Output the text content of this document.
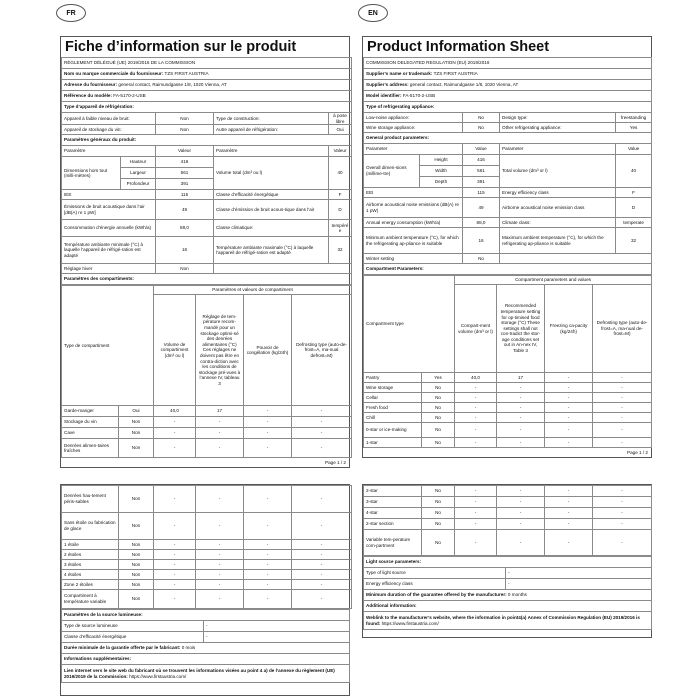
FR	EN
Fiche d’information sur le produit
RÈGLEMENT DÉLÉGUÉ (UE) 2019/2016 DE LA COMMISSION				
Nom ou marque commerciale du fournisseur: TZS FIRST AUSTRIA				
Adresse du fournisseur: general contact, Raimundgasse 1/8, 1020 Vienna, AT				
Référence du modèle: FA-5170-2-USB				
Type d’appareil de réfrigération:				
Appareil à faible niveau de bruit:		Non	Type de construction:	à pose libre
Appareil de stockage du vin:		Non	Autre appareil de réfrigération:	Oui
Paramètres généraux du produit:				
Paramètre		Valeur	Paramètre	Valeur
Dimensions hors tout (milli-mètres)	Hauteur	416	Volume total (dm³ ou l)	40
	Largeur	561		
	Profondeur	391		
IEE		115	Classe d’efficacité énergétique	F
Émissions de bruit acoustique dans l’air [dB(A) re 1 pW]		49	Classe d’émission de bruit acous-tique dans l’air	D
Consommation d’énergie annuelle (kWh/a)		88,0	Classe climatique:	tempérée
Température ambiante minimale (°C) à laquelle l’appareil de réfrigé-ration est adapté		16	Température ambiante maximale (°C) à laquelle l’appareil de réfrigé-ration est adapté	32
Réglage hiver		Non		
Paramètres des compartiments:				
Type de compartiment		Paramètres et valeurs de compartiment			
		Volume de compartiment (dm³ ou l)	Réglage de tem-pérature recom-mandé pour un stockage optimi-sé des denrées alimentaires (°C) Ces réglages ne doivent pas être en contra-diction avec les conditions de stockage pré-vues à l’annexe IV, tableau 3	Pouvoir de congélation (kg/24h)	Defrosting type (auto-de-frost=A, ma-nual defrost=M)
Garde-manger	Oui	40,0	17	-	-
Stockage du vin	Non	-	-	-	-
Cave	Non	-	-	-	-
Denrées alimen-taires fraîches	Non	-	-	-	-
Page 1 / 2
Product Information Sheet
COMMISSION DELEGATED REGULATION (EU) 2019/2016				
Supplier’s name or trademark: TZS FIRST AUSTRIA				
Supplier’s address: general contact, Raimundgasse 1/8, 1020 Vienna, AT				
Model identifier: FA-5170-2-USB				
Type of refrigerating appliance:				
Low-noise appliance:		No	Design type:	freestanding
Wine storage appliance:		No	Other refrigerating appliance:	Yes
General product parameters:				
Parameter		Value	Parameter	Value
Overall dimen-sions (millime-tre)	Height	416	Total volume (dm³ or l)	40
	Width	561		
	Depth	391		
EEI		115	Energy efficiency class	F
Airborne acoustical noise emissions (dB(A) re 1 pW)		49	Airborne acoustical noise emission class	D
Annual energy consumption (kWh/a)		88,0	Climate class:	temperate
Minimum ambient temperature (°C), for which the refrigerating ap-pliance is suitable		16	Maximum ambient temperature (°C), for which the refrigerating ap-pliance is suitable	32
Winter setting		No		
Compartment Parameters:				
Compartment type		Compartment parameters and values			
		Compart-ment volume (dm³ or l)	Recommended temperature setting for op-timised food storage (°C) These settings shall not con-tradict the stor-age conditions set out in An-nex IV, Table 3	Freezing ca-pacity (kg/24h)	Defrosting type (auto-de-frost=A, ma-nual de-frost=M)
Pantry	Yes	40,0	17	-	-
Wine storage	No	-	-	-	-
Cellar	No	-	-	-	-
Fresh food	No	-	-	-	-
Chill	No	-	-	-	-
0-star or ice-making	No	-	-	-	-
1-star	No	-	-	-	-
Page 1 / 2
Denrées hau-tement péris-sables	Non	-	-	-	-
Sans étoile ou fabrication de glace	Non	-	-	-	-
1 étoile	Non	-	-	-	-
2 étoiles	Non	-	-	-	-
3 étoiles	Non	-	-	-	-
4 étoiles	Non	-	-	-	-
Zone 2 étoiles	Non	-	-	-	-
Compartiment à température variable	Non	-	-	-	-
Paramètres de la source lumineuse:	
Type de source lumineuse	-
Classe d’efficacité énergétique	-
Durée minimale de la garantie offerte par le fabricant: 0 mois	
Informations supplémentaires:	
Lien internet vers le site web du fabricant où se trouvent les informations visées au point 4 a) de l’annexe du règlement (UE) 2019/2019 de la Commission: https://www.firstaustria.com/	
2-star	No	-	-	-	-
3-star	No	-	-	-	-
4-star	No	-	-	-	-
2-star section	No	-	-	-	-
Variable tem-perature com-partment	No	-	-	-	-
Light source parameters:	
Type of light source	-
Energy efficiency class	-
Minimum duration of the guarantee offered by the manufacturer: 0 months	
Additional information:	
Weblink to the manufacturer’s website, where the information in point4(a) Annex of Commission Regulation (EU) 2019/2016 is found: https://www.firstaustria.com/	
